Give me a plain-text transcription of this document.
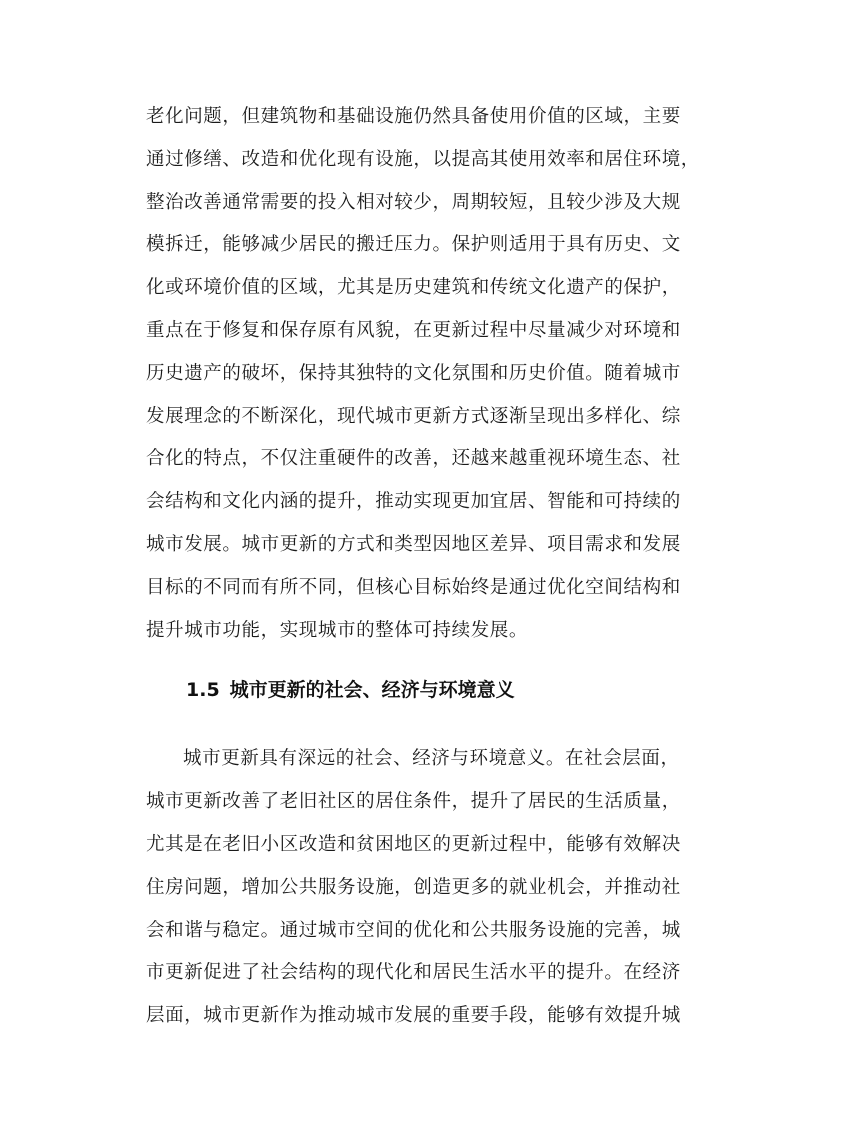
老化问题，但建筑物和基础设施仍然具备使用价值的区域，主要
通过修缮、改造和优化现有设施，以提高其使用效率和居住环境，
整治改善通常需要的投入相对较少，周期较短，且较少涉及大规
模拆迁，能够减少居民的搬迁压力。保护则适用于具有历史、文
化或环境价值的区域，尤其是历史建筑和传统文化遗产的保护，
重点在于修复和保存原有风貌，在更新过程中尽量减少对环境和
历史遗产的破坏，保持其独特的文化氛围和历史价值。随着城市
发展理念的不断深化，现代城市更新方式逐渐呈现出多样化、综
合化的特点，不仅注重硬件的改善，还越来越重视环境生态、社
会结构和文化内涵的提升，推动实现更加宜居、智能和可持续的
城市发展。城市更新的方式和类型因地区差异、项目需求和发展
目标的不同而有所不同，但核心目标始终是通过优化空间结构和
提升城市功能，实现城市的整体可持续发展。
1.5 城市更新的社会、经济与环境意义
城市更新具有深远的社会、经济与环境意义。在社会层面，
城市更新改善了老旧社区的居住条件，提升了居民的生活质量，
尤其是在老旧小区改造和贫困地区的更新过程中，能够有效解决
住房问题，增加公共服务设施，创造更多的就业机会，并推动社
会和谐与稳定。通过城市空间的优化和公共服务设施的完善，城
市更新促进了社会结构的现代化和居民生活水平的提升。在经济
层面，城市更新作为推动城市发展的重要手段，能够有效提升城
